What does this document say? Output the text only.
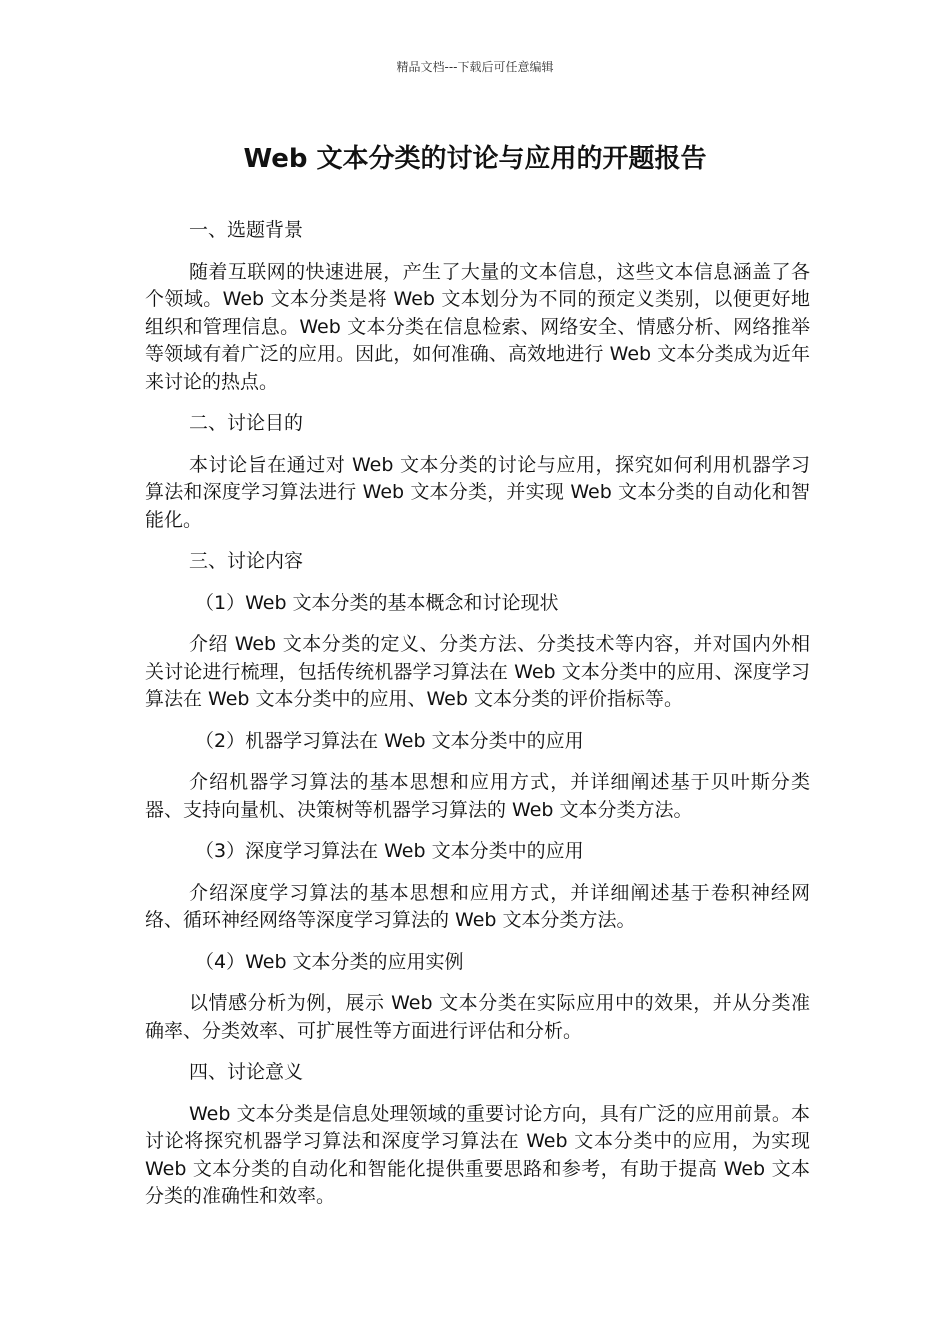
精品文档---下载后可任意编辑
Web 文本分类的讨论与应用的开题报告

一、选题背景

随着互联网的快速进展，产生了大量的文本信息，这些文本信息涵盖了各个领域。Web 文本分类是将 Web 文本划分为不同的预定义类别，以便更好地组织和管理信息。Web 文本分类在信息检索、网络安全、情感分析、网络推举等领域有着广泛的应用。因此，如何准确、高效地进行 Web 文本分类成为近年来讨论的热点。

二、讨论目的

本讨论旨在通过对 Web 文本分类的讨论与应用，探究如何利用机器学习算法和深度学习算法进行 Web 文本分类，并实现 Web 文本分类的自动化和智能化。

三、讨论内容

（1）Web 文本分类的基本概念和讨论现状

介绍 Web 文本分类的定义、分类方法、分类技术等内容，并对国内外相关讨论进行梳理，包括传统机器学习算法在 Web 文本分类中的应用、深度学习算法在 Web 文本分类中的应用、Web 文本分类的评价指标等。

（2）机器学习算法在 Web 文本分类中的应用

介绍机器学习算法的基本思想和应用方式，并详细阐述基于贝叶斯分类器、支持向量机、决策树等机器学习算法的 Web 文本分类方法。

（3）深度学习算法在 Web 文本分类中的应用

介绍深度学习算法的基本思想和应用方式，并详细阐述基于卷积神经网络、循环神经网络等深度学习算法的 Web 文本分类方法。

（4）Web 文本分类的应用实例

以情感分析为例，展示 Web 文本分类在实际应用中的效果，并从分类准确率、分类效率、可扩展性等方面进行评估和分析。

四、讨论意义

Web 文本分类是信息处理领域的重要讨论方向，具有广泛的应用前景。本讨论将探究机器学习算法和深度学习算法在 Web 文本分类中的应用，为实现 Web 文本分类的自动化和智能化提供重要思路和参考，有助于提高 Web 文本分类的准确性和效率。
